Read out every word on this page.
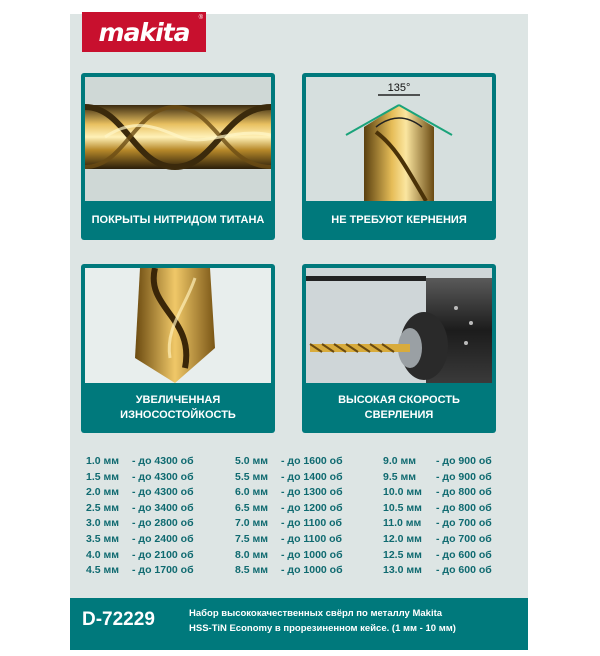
makita ®
ПОКРЫТЫ НИТРИДОМ ТИТАНА
135°
НЕ ТРЕБУЮТ КЕРНЕНИЯ
УВЕЛИЧЕННАЯ
ИЗНОСОСТОЙКОСТЬ
ВЫСОКАЯ СКОРОСТЬ
СВЕРЛЕНИЯ
1.0 мм - до 4300 об
1.5 мм - до 4300 об
2.0 мм - до 4300 об
2.5 мм - до 3400 об
3.0 мм - до 2800 об
3.5 мм - до 2400 об
4.0 мм - до 2100 об
4.5 мм - до 1700 об
5.0 мм - до 1600 об
5.5 мм - до 1400 об
6.0 мм - до 1300 об
6.5 мм - до 1200 об
7.0 мм - до 1100 об
7.5 мм - до 1100 об
8.0 мм - до 1000 об
8.5 мм - до 1000 об
9.0 мм - до 900 об
9.5 мм - до 900 об
10.0 мм - до 800 об
10.5 мм - до 800 об
11.0 мм - до 700 об
12.0 мм - до 700 об
12.5 мм - до 600 об
13.0 мм - до 600 об
D-72229	Набор высококачественных свёрл по металлу Makita
HSS-TiN Economy в прорезиненном кейсе. (1 мм - 10 мм)
